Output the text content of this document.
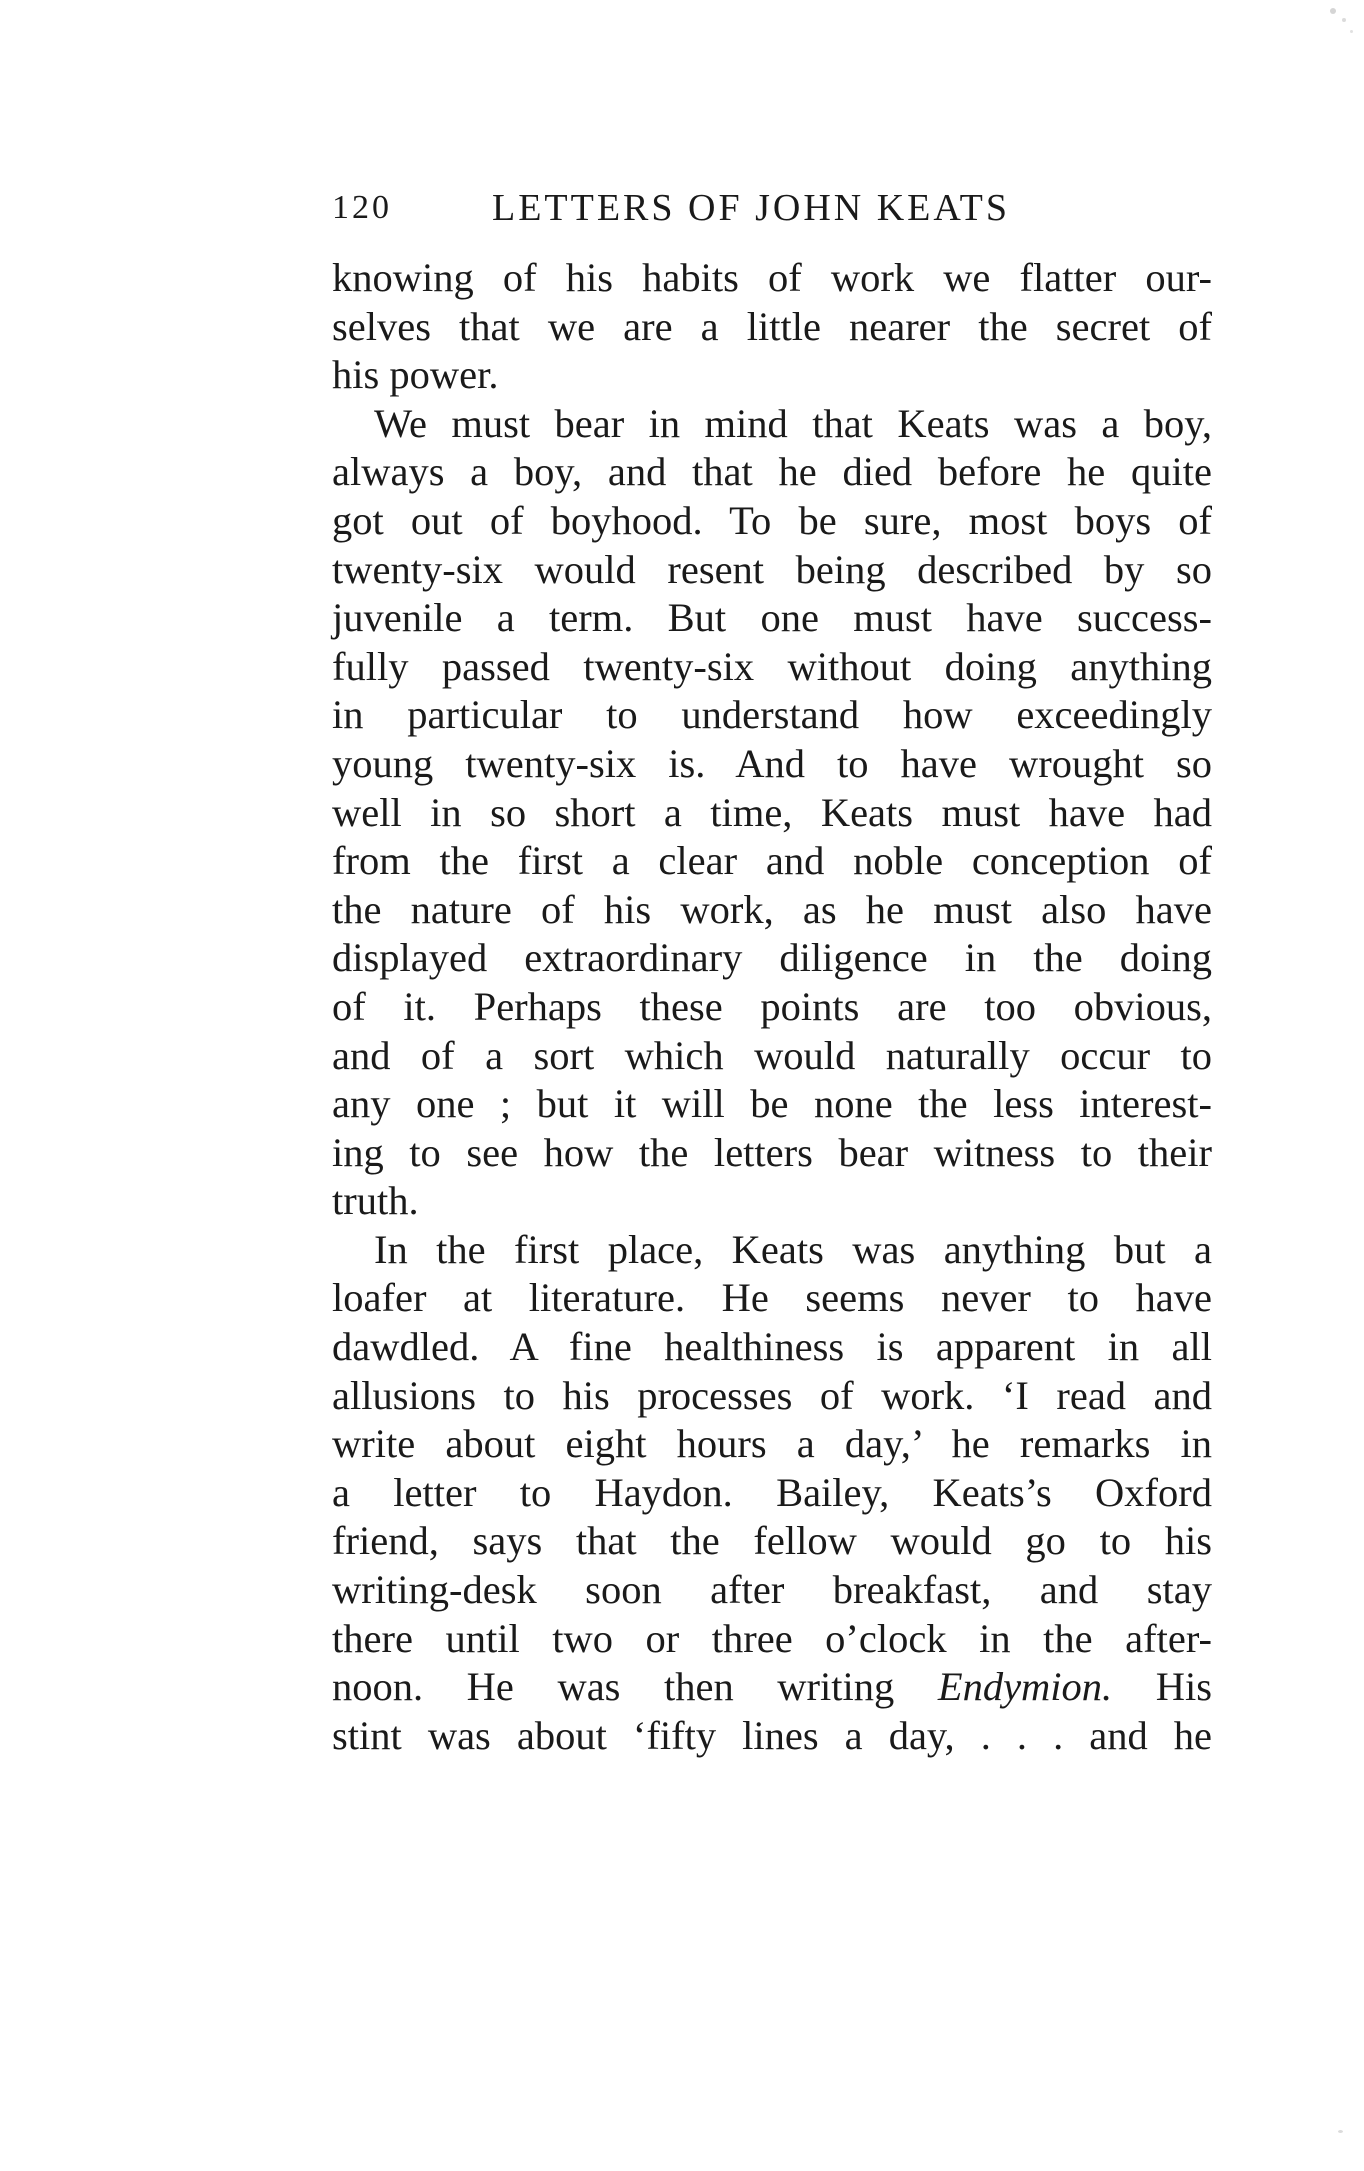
120	LETTERS OF JOHN KEATS
knowing of his habits of work we flatter our-
selves that we are a little nearer the secret of
his power.
We must bear in mind that Keats was a boy,
always a boy, and that he died before he quite
got out of boyhood. To be sure, most boys of
twenty-six would resent being described by so
juvenile a term. But one must have success-
fully passed twenty-six without doing anything
in particular to understand how exceedingly
young twenty-six is. And to have wrought so
well in so short a time, Keats must have had
from the first a clear and noble conception of
the nature of his work, as he must also have
displayed extraordinary diligence in the doing
of it. Perhaps these points are too obvious,
and of a sort which would naturally occur to
any one ; but it will be none the less interest-
ing to see how the letters bear witness to their
truth.
In the first place, Keats was anything but a
loafer at literature. He seems never to have
dawdled. A fine healthiness is apparent in all
allusions to his processes of work. ‘I read and
write about eight hours a day,’ he remarks in
a letter to Haydon. Bailey, Keats’s Oxford
friend, says that the fellow would go to his
writing-desk soon after breakfast, and stay
there until two or three o’clock in the after-
noon. He was then writing Endymion. His
stint was about ‘fifty lines a day, . . . and he
